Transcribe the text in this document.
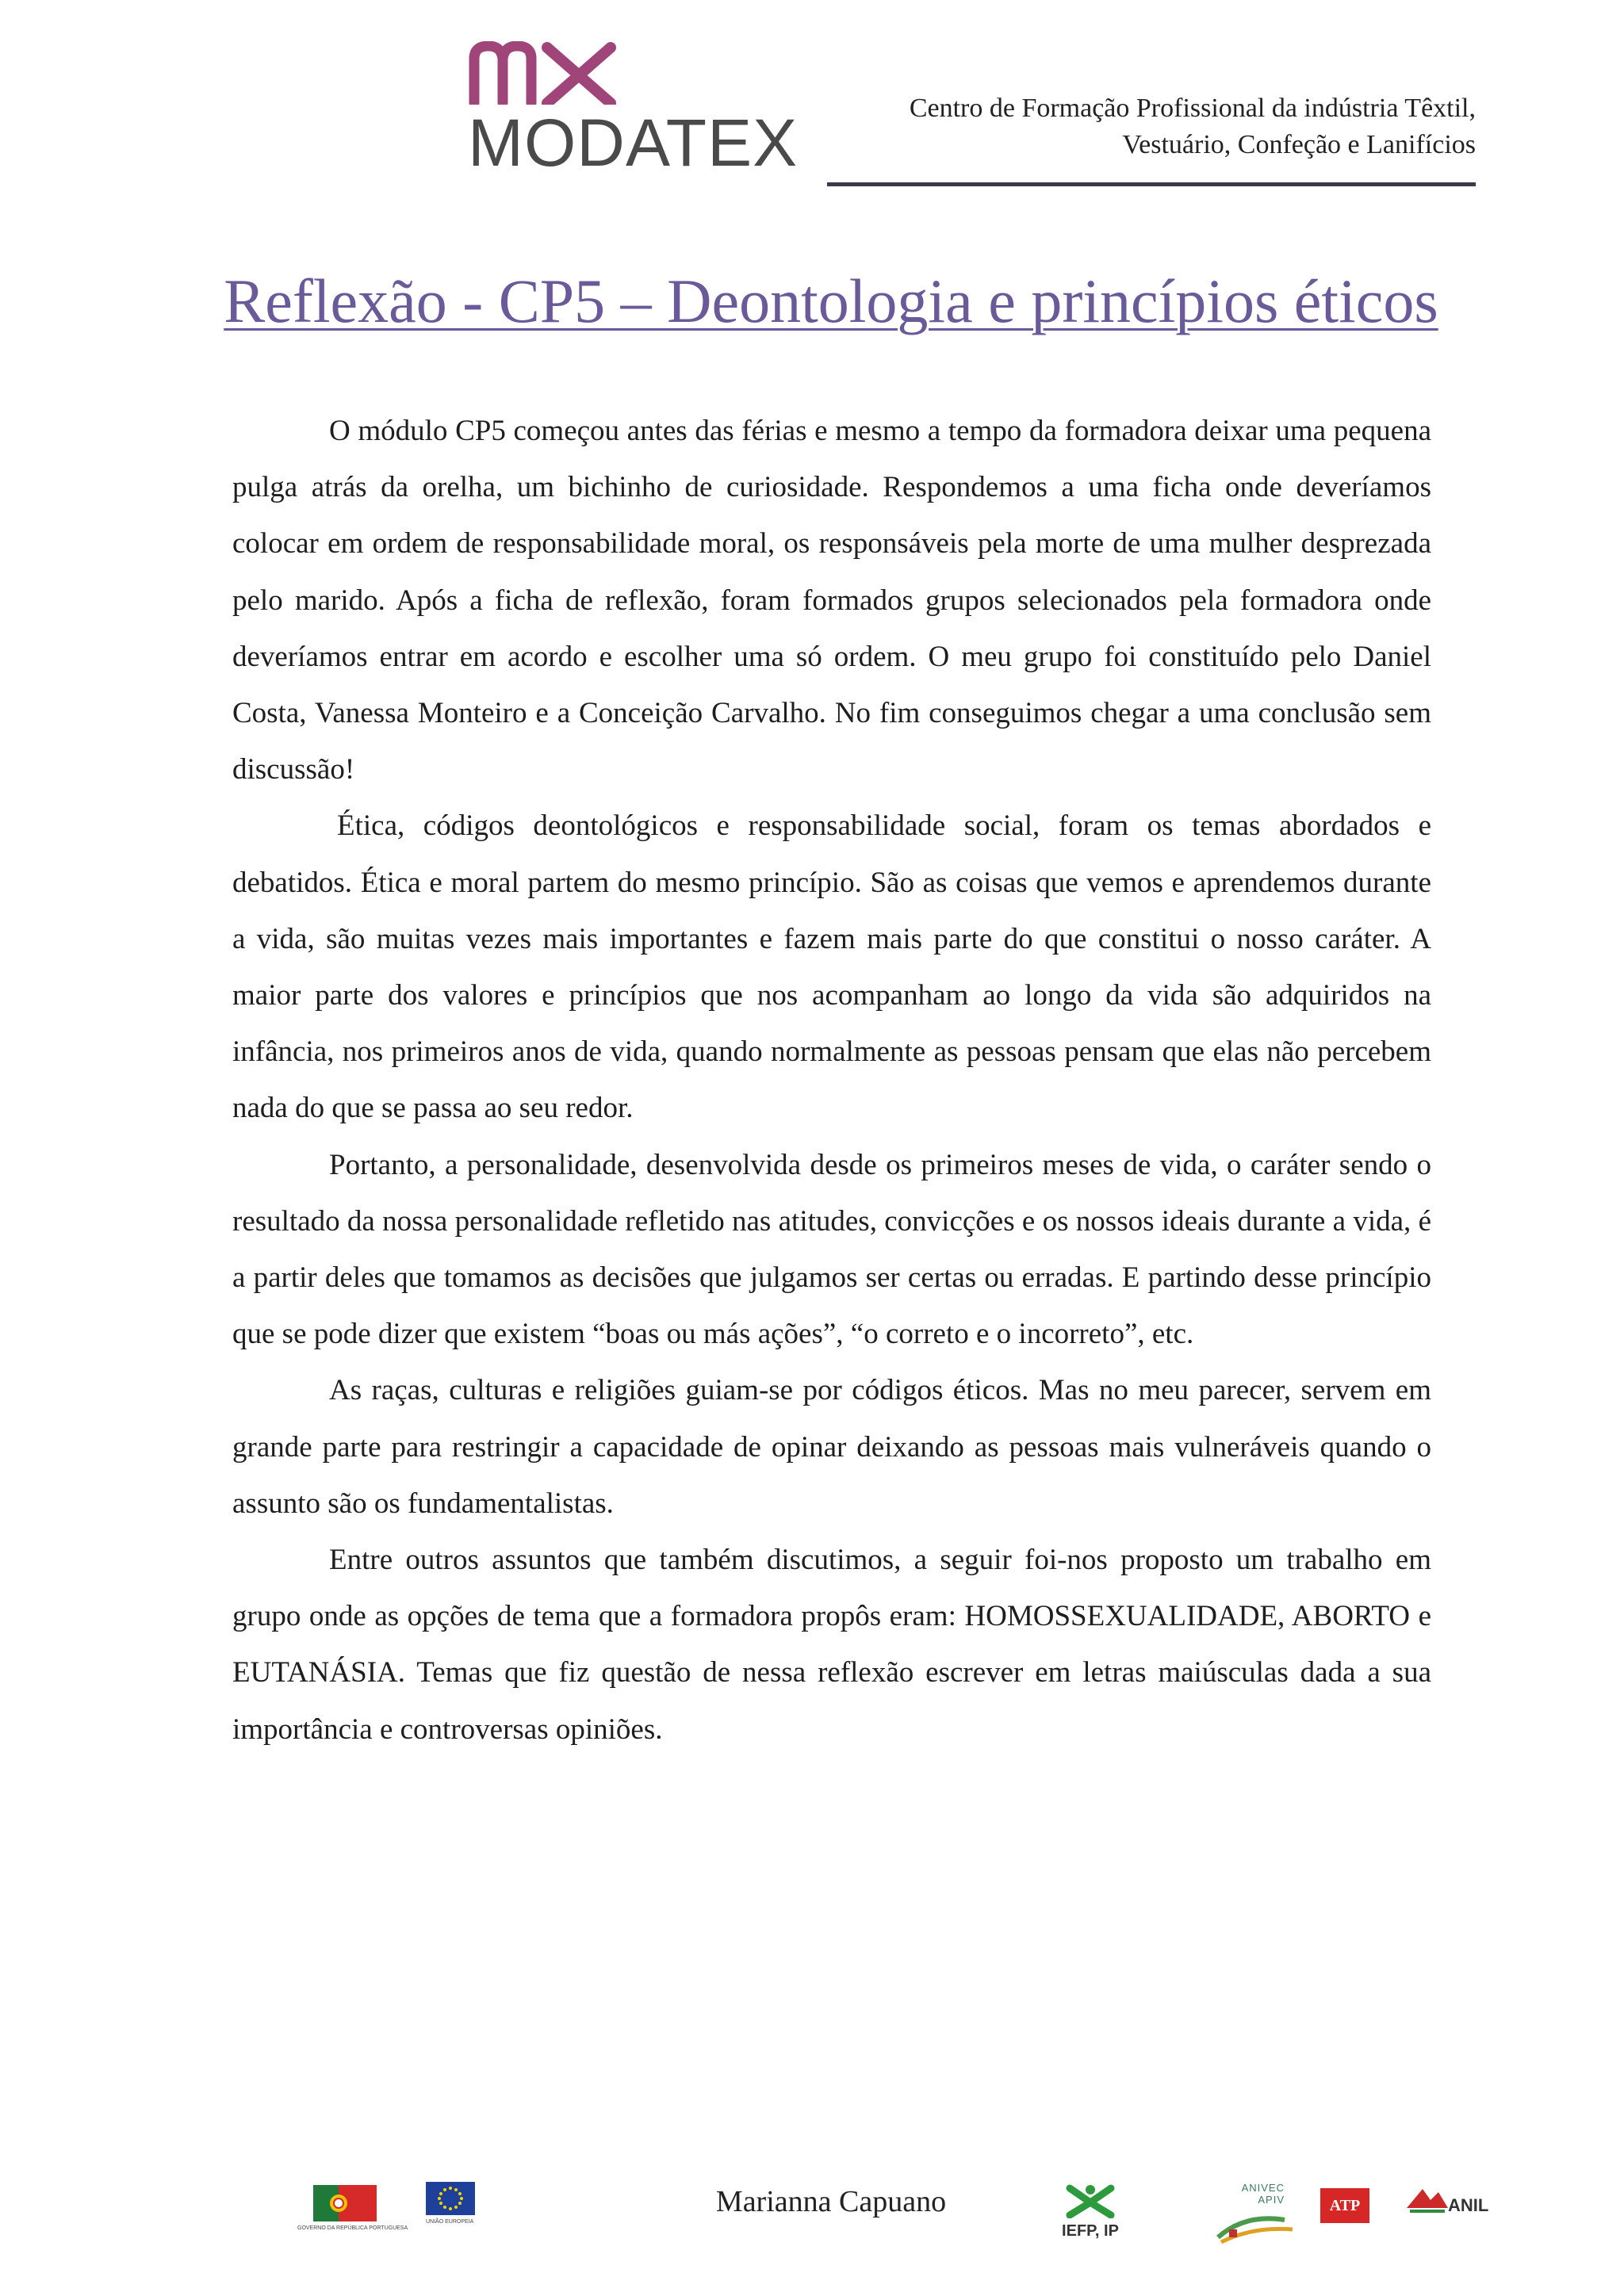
MODATEX	Centro de Formação Profissional da indústria Têxtil,
Vestuário, Confeção e Lanifícios
Reflexão - CP5 – Deontologia e princípios éticos

O módulo CP5 começou antes das férias e mesmo a tempo da formadora deixar uma pequena pulga atrás da orelha, um bichinho de curiosidade. Respondemos a uma ficha onde deveríamos colocar em ordem de responsabilidade moral, os responsáveis pela morte de uma mulher desprezada pelo marido. Após a ficha de reflexão, foram formados grupos selecionados pela formadora onde deveríamos entrar em acordo e escolher uma só ordem. O meu grupo foi constituído pelo Daniel Costa, Vanessa Monteiro e a Conceição Carvalho. No fim conseguimos chegar a uma conclusão sem discussão!

Ética, códigos deontológicos e responsabilidade social, foram os temas abordados e debatidos. Ética e moral partem do mesmo princípio. São as coisas que vemos e aprendemos durante a vida, são muitas vezes mais importantes e fazem mais parte do que constitui o nosso caráter. A maior parte dos valores e princípios que nos acompanham ao longo da vida são adquiridos na infância, nos primeiros anos de vida, quando normalmente as pessoas pensam que elas não percebem nada do que se passa ao seu redor.

Portanto, a personalidade, desenvolvida desde os primeiros meses de vida, o caráter sendo o resultado da nossa personalidade refletido nas atitudes, convicções e os nossos ideais durante a vida, é a partir deles que tomamos as decisões que julgamos ser certas ou erradas. E partindo desse princípio que se pode dizer que existem “boas ou más ações”, “o correto e o incorreto”, etc.

As raças, culturas e religiões guiam-se por códigos éticos. Mas no meu parecer, servem em grande parte para restringir a capacidade de opinar deixando as pessoas mais vulneráveis quando o assunto são os fundamentalistas.

Entre outros assuntos que também discutimos, a seguir foi-nos proposto um trabalho em grupo onde as opções de tema que a formadora propôs eram: HOMOSSEXUALIDADE, ABORTO e EUTANÁSIA. Temas que fiz questão de nessa reflexão escrever em letras maiúsculas dada a sua importância e controversas opiniões.

Marianna Capuano
GOVERNO DA REPÚBLICA PORTUGUESA
UNIÃO EUROPEIA
IEFP, IP
ANIVEC APIV	ATP	ANIL
